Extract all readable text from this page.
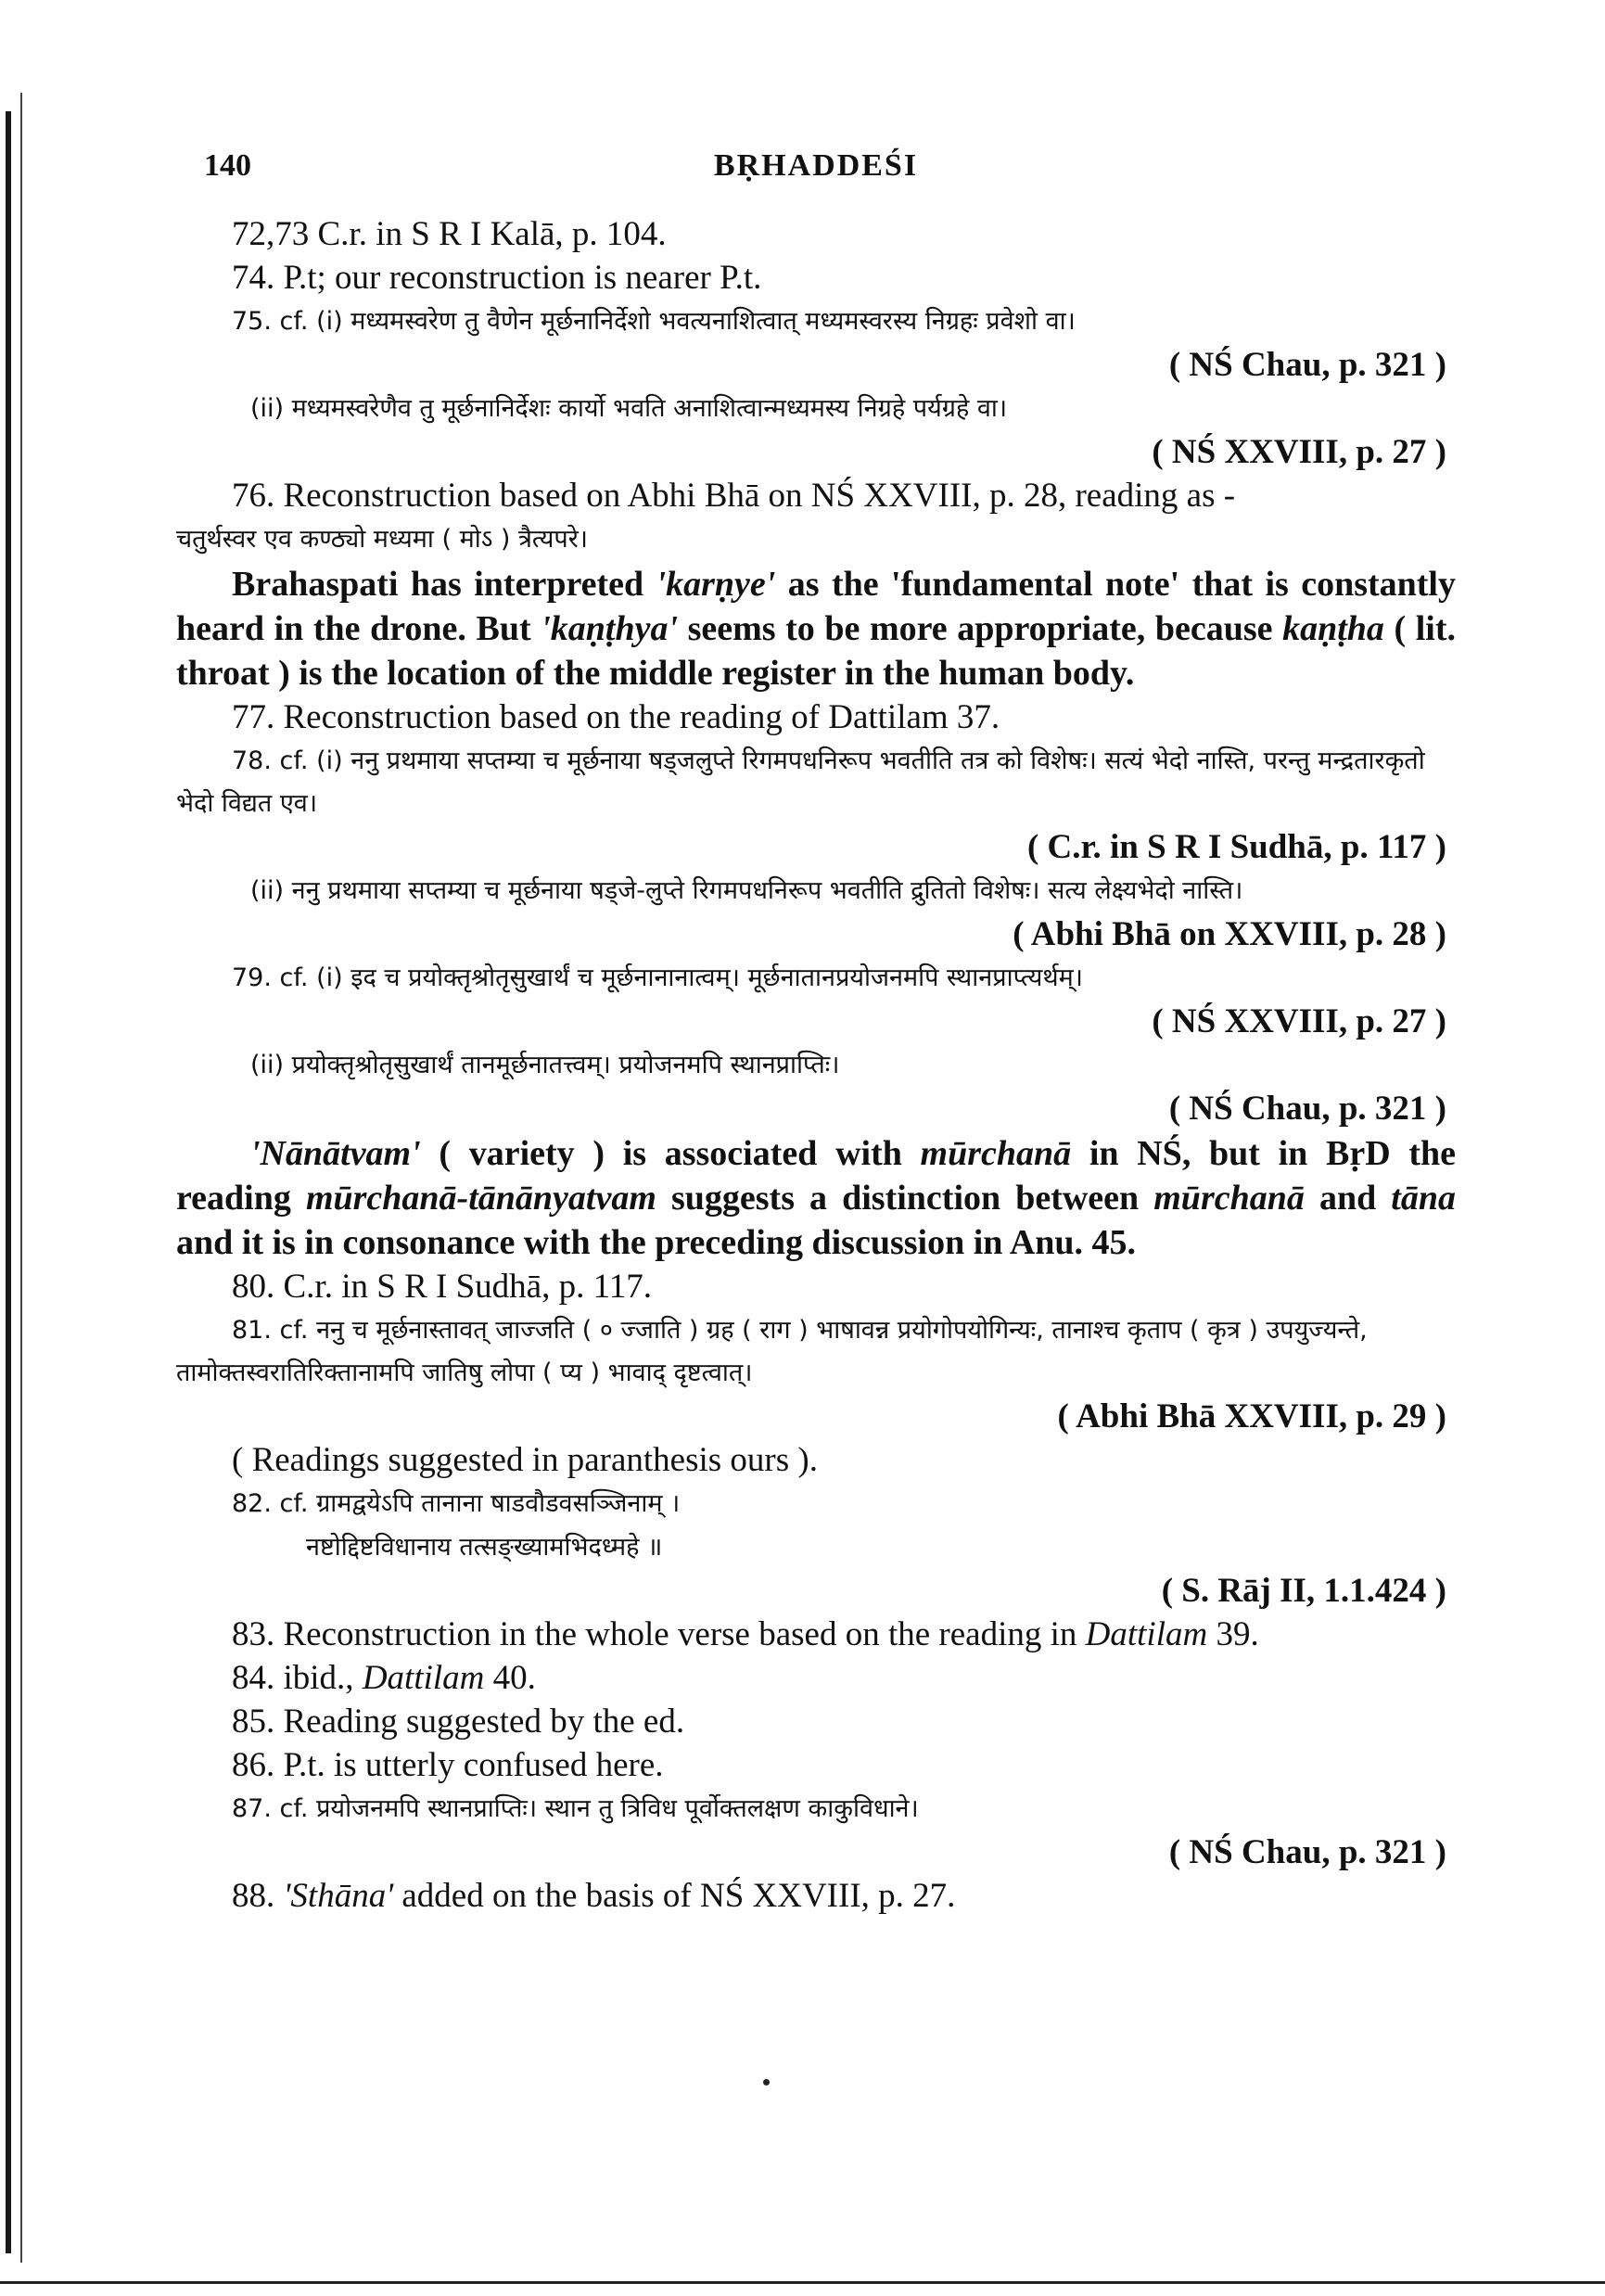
140	BṚHADDEŚI
72,73 C.r. in S R I Kalā, p. 104.
74. P.t; our reconstruction is nearer P.t.
75. cf. (i) मध्यमस्वरेण तु वैणेन मूर्छनानिर्देशो भवत्यनाशित्वात् मध्यमस्वरस्य निग्रहः प्रवेशो वा।
( NŚ Chau, p. 321 )
(ii) मध्यमस्वरेणैव तु मूर्छनानिर्देशः कार्यो भवति अनाशित्वान्मध्यमस्य निग्रहे पर्यग्रहे वा।
( NŚ XXVIII, p. 27 )
76. Reconstruction based on Abhi Bhā on NŚ XXVIII, p. 28, reading as -
चतुर्थस्वर एव कण्ठ्यो मध्यमा ( मोऽ ) त्रैत्यपरे।
Brahaspati has interpreted 'karṇye' as the 'fundamental note' that is constantly heard in the drone. But 'kaṇṭhya' seems to be more appropriate, because kaṇṭha ( lit. throat ) is the location of the middle register in the human body.
77. Reconstruction based on the reading of Dattilam 37.
78. cf. (i) ननु प्रथमाया सप्तम्या च मूर्छनाया षड्जलुप्ते रिगमपधनिरूप भवतीति तत्र को विशेषः। सत्यं भेदो नास्ति, परन्तु मन्द्रतारकृतो भेदो विद्यत एव।
( C.r. in S R I Sudhā, p. 117 )
(ii) ननु प्रथमाया सप्तम्या च मूर्छनाया षड्जे-लुप्ते रिगमपधनिरूप भवतीति द्रुतितो विशेषः। सत्य लेक्ष्यभेदो नास्ति।
( Abhi Bhā on XXVIII, p. 28 )
79. cf. (i) इद च प्रयोक्तृश्रोतृसुखार्थं च मूर्छनानानात्वम्। मूर्छनातानप्रयोजनमपि स्थानप्राप्त्यर्थम्।
( NŚ XXVIII, p. 27 )
(ii) प्रयोक्तृश्रोतृसुखार्थं तानमूर्छनातत्त्वम्। प्रयोजनमपि स्थानप्राप्तिः।
( NŚ Chau, p. 321 )
'Nānātvam' ( variety ) is associated with mūrchanā in NŚ, but in BṛD the reading mūrchanā-tānānyatvam suggests a distinction between mūrchanā and tāna and it is in consonance with the preceding discussion in Anu. 45.
80. C.r. in S R I Sudhā, p. 117.
81. cf. ननु च मूर्छनास्तावत् जाज्जति ( ० ज्जाति ) ग्रह ( राग ) भाषावन्न प्रयोगोपयोगिन्यः, तानाश्च कृताप ( कृत्र ) उपयुज्यन्ते, तामोक्तस्वरातिरिक्तानामपि जातिषु लोपा ( प्य ) भावाद् दृष्टत्वात्।
( Abhi Bhā XXVIII, p. 29 )
( Readings suggested in paranthesis ours ).
82. cf. ग्रामद्वयेऽपि तानाना षाडवौडवसञ्जिनाम् ।
नष्टोद्दिष्टविधानाय तत्सङ्ख्यामभिदध्महे ॥
( S. Rāj II, 1.1.424 )
83. Reconstruction in the whole verse based on the reading in Dattilam 39.
84. ibid., Dattilam 40.
85. Reading suggested by the ed.
86. P.t. is utterly confused here.
87. cf. प्रयोजनमपि स्थानप्राप्तिः। स्थान तु त्रिविध पूर्वोक्तलक्षण काकुविधाने।
( NŚ Chau, p. 321 )
88. 'Sthāna' added on the basis of NŚ XXVIII, p. 27.
